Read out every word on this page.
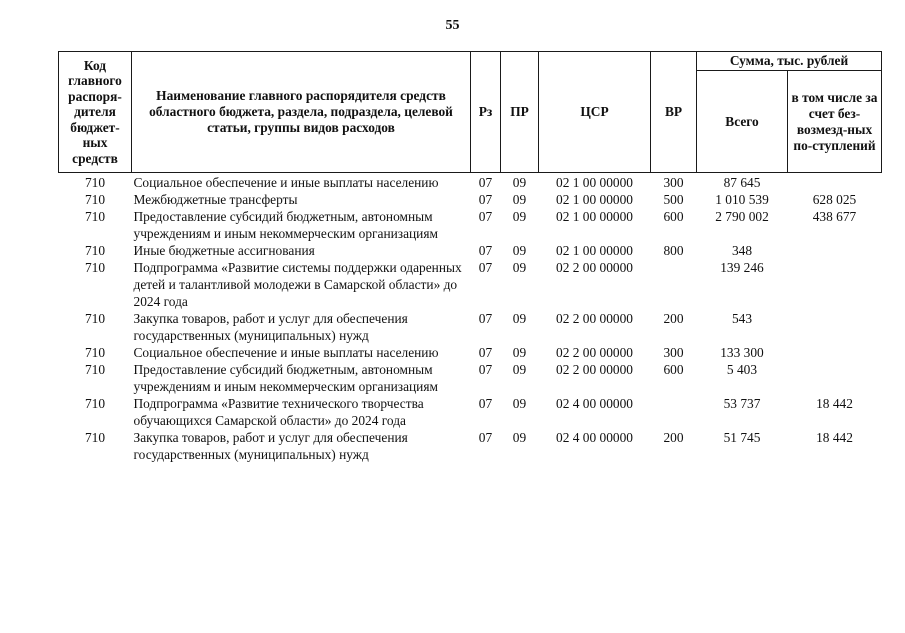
55
Код главного распоря-дителя бюджет-ных средств	Наименование главного распорядителя средств областного бюджета, раздела, подраздела, целевой статьи, группы видов расходов	Рз	ПР	ЦСР	ВР	Сумма, тыс. рублей	
						Всего	в том числе за счет без-возмезд-ных по-ступлений
710	Социальное обеспечение и иные выплаты населению	07	09	02 1 00 00000	300	87 645	
710	Межбюджетные трансферты	07	09	02 1 00 00000	500	1 010 539	628 025
710	Предоставление субсидий бюджетным, автономным учреждениям и иным некоммерческим организациям	07	09	02 1 00 00000	600	2 790 002	438 677
710	Иные бюджетные ассигнования	07	09	02 1 00 00000	800	348	
710	Подпрограмма «Развитие системы поддержки одаренных детей и талантливой молодежи в Самарской области» до 2024 года	07	09	02 2 00 00000		139 246	
710	Закупка товаров, работ и услуг для обеспечения государственных (муниципальных) нужд	07	09	02 2 00 00000	200	543	
710	Социальное обеспечение и иные выплаты населению	07	09	02 2 00 00000	300	133 300	
710	Предоставление субсидий бюджетным, автономным учреждениям и иным некоммерческим организациям	07	09	02 2 00 00000	600	5 403	
710	Подпрограмма «Развитие технического творчества обучающихся Самарской области» до 2024 года	07	09	02 4 00 00000		53 737	18 442
710	Закупка товаров, работ и услуг для обеспечения государственных (муниципальных) нужд	07	09	02 4 00 00000	200	51 745	18 442
